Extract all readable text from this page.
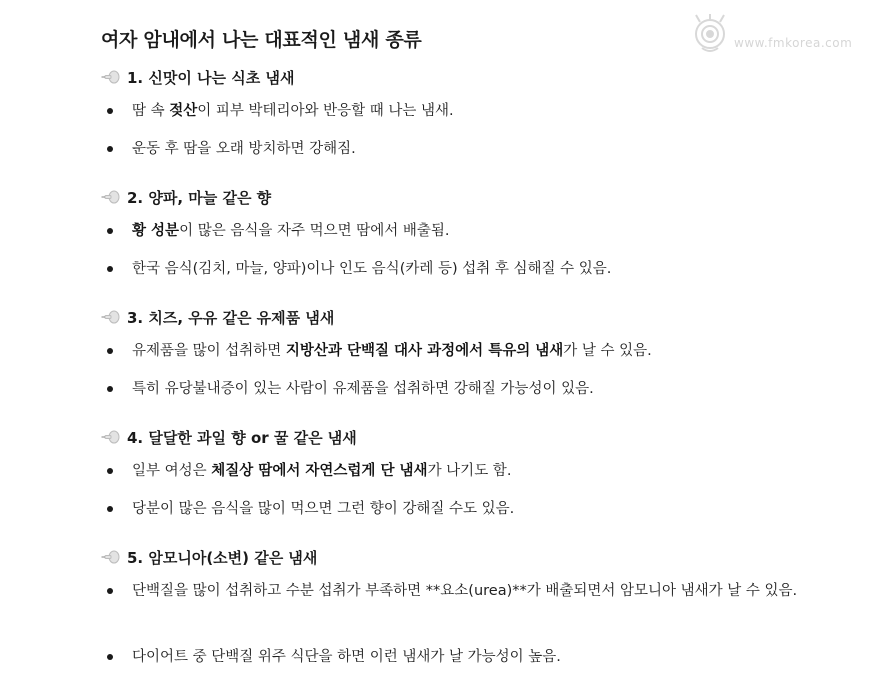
여자 암내에서 나는 대표적인 냄새 종류	www.fmkorea.com
1. 신맛이 나는 식초 냄새
땀 속 젖산이 피부 박테리아와 반응할 때 나는 냄새.
운동 후 땀을 오래 방치하면 강해짐.
2. 양파, 마늘 같은 향
황 성분이 많은 음식을 자주 먹으면 땀에서 배출됨.
한국 음식(김치, 마늘, 양파)이나 인도 음식(카레 등) 섭취 후 심해질 수 있음.
3. 치즈, 우유 같은 유제품 냄새
유제품을 많이 섭취하면 지방산과 단백질 대사 과정에서 특유의 냄새가 날 수 있음.
특히 유당불내증이 있는 사람이 유제품을 섭취하면 강해질 가능성이 있음.
4. 달달한 과일 향 or 꿀 같은 냄새
일부 여성은 체질상 땀에서 자연스럽게 단 냄새가 나기도 함.
당분이 많은 음식을 많이 먹으면 그런 향이 강해질 수도 있음.
5. 암모니아(소변) 같은 냄새
단백질을 많이 섭취하고 수분 섭취가 부족하면 **요소(urea)**가 배출되면서 암모니아 냄새가 날 수 있음.
다이어트 중 단백질 위주 식단을 하면 이런 냄새가 날 가능성이 높음.
